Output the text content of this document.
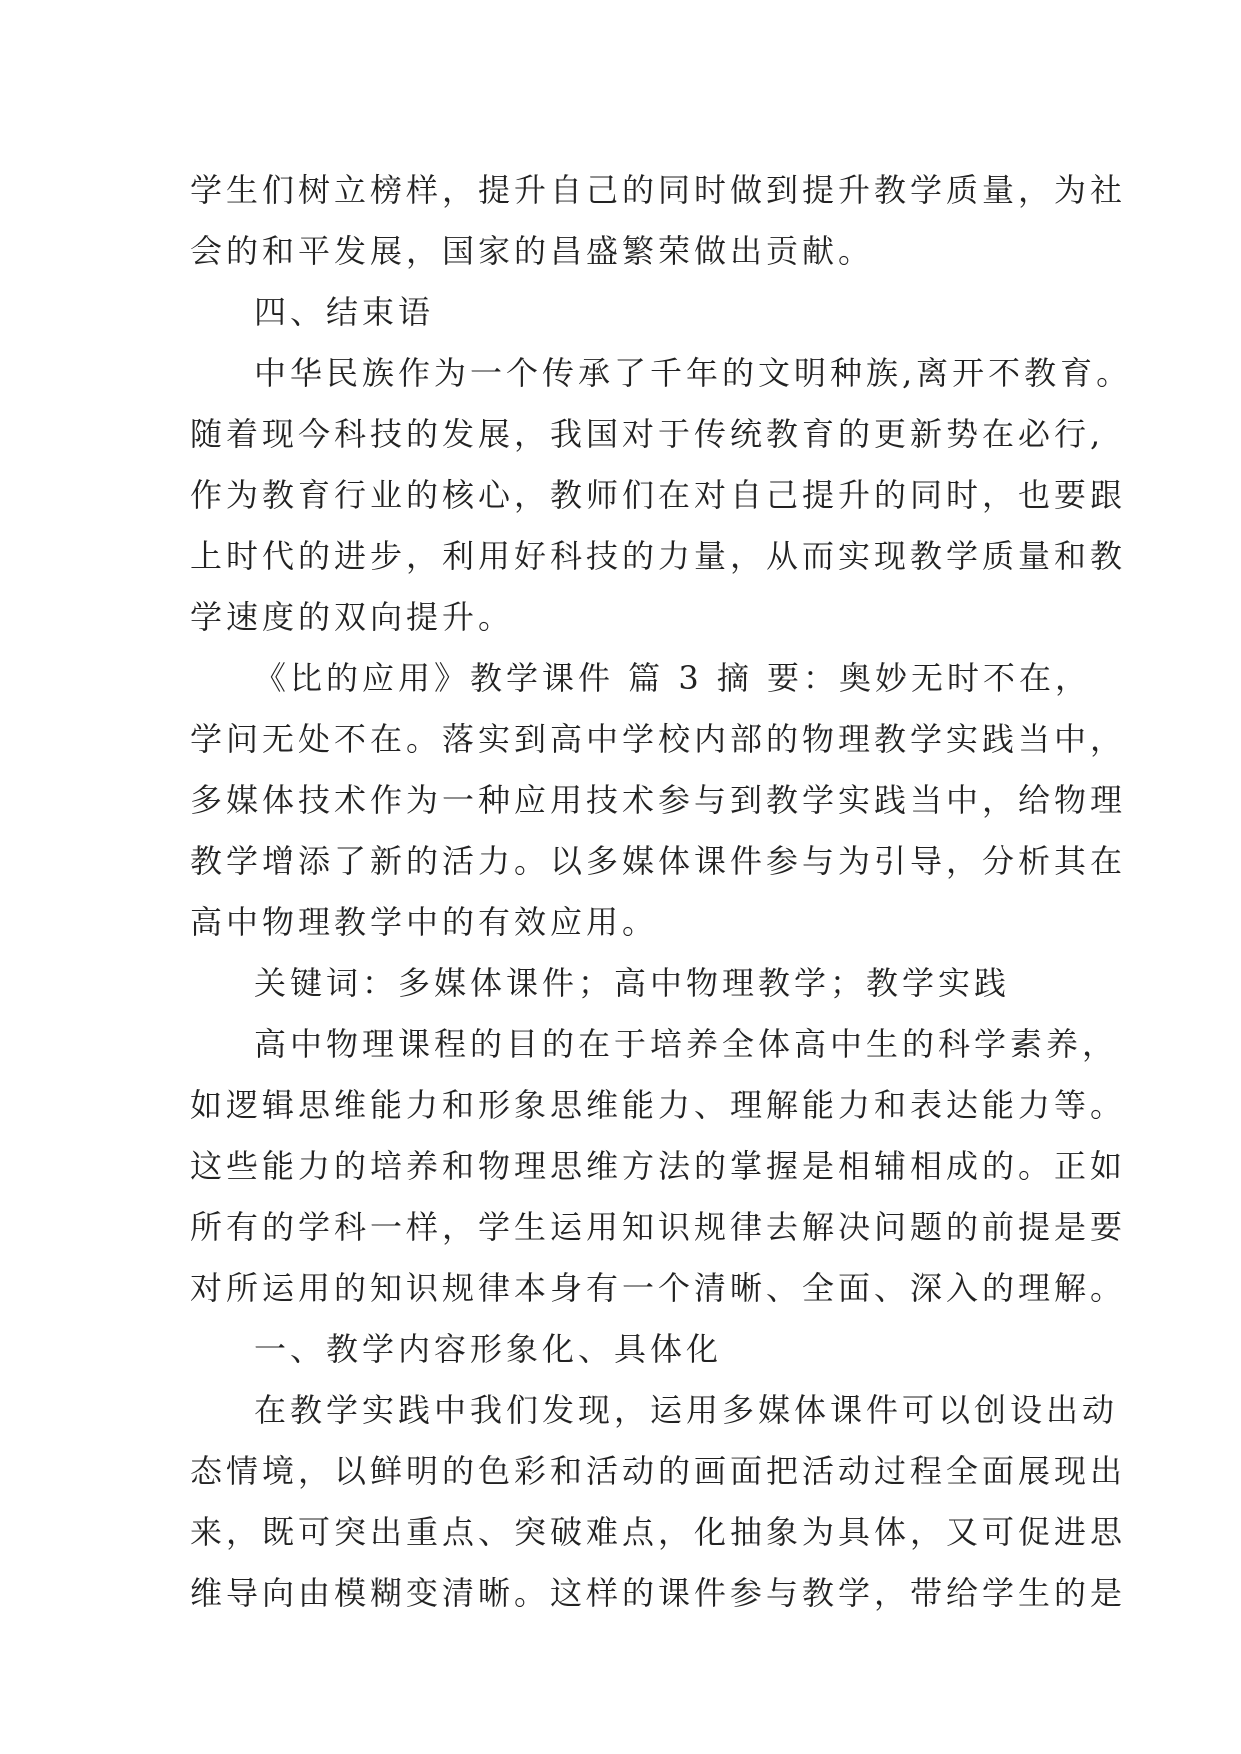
学生们树立榜样，提升自己的同时做到提升教学质量，为社
会的和平发展，国家的昌盛繁荣做出贡献。
四、结束语
中华民族作为一个传承了千年的文明种族,离开不教育。
随着现今科技的发展，我国对于传统教育的更新势在必行,
作为教育行业的核心，教师们在对自己提升的同时，也要跟
上时代的进步，利用好科技的力量，从而实现教学质量和教
学速度的双向提升。
《比的应用》教学课件 篇 3 摘 要：奥妙无时不在，
学问无处不在。落实到高中学校内部的物理教学实践当中，
多媒体技术作为一种应用技术参与到教学实践当中，给物理
教学增添了新的活力。以多媒体课件参与为引导，分析其在
高中物理教学中的有效应用。
关键词：多媒体课件；高中物理教学；教学实践
高中物理课程的目的在于培养全体高中生的科学素养，
如逻辑思维能力和形象思维能力、理解能力和表达能力等。
这些能力的培养和物理思维方法的掌握是相辅相成的。正如
所有的学科一样，学生运用知识规律去解决问题的前提是要
对所运用的知识规律本身有一个清晰、全面、深入的理解。
一、教学内容形象化、具体化
在教学实践中我们发现，运用多媒体课件可以创设出动
态情境，以鲜明的色彩和活动的画面把活动过程全面展现出
来，既可突出重点、突破难点，化抽象为具体，又可促进思
维导向由模糊变清晰。这样的课件参与教学，带给学生的是
